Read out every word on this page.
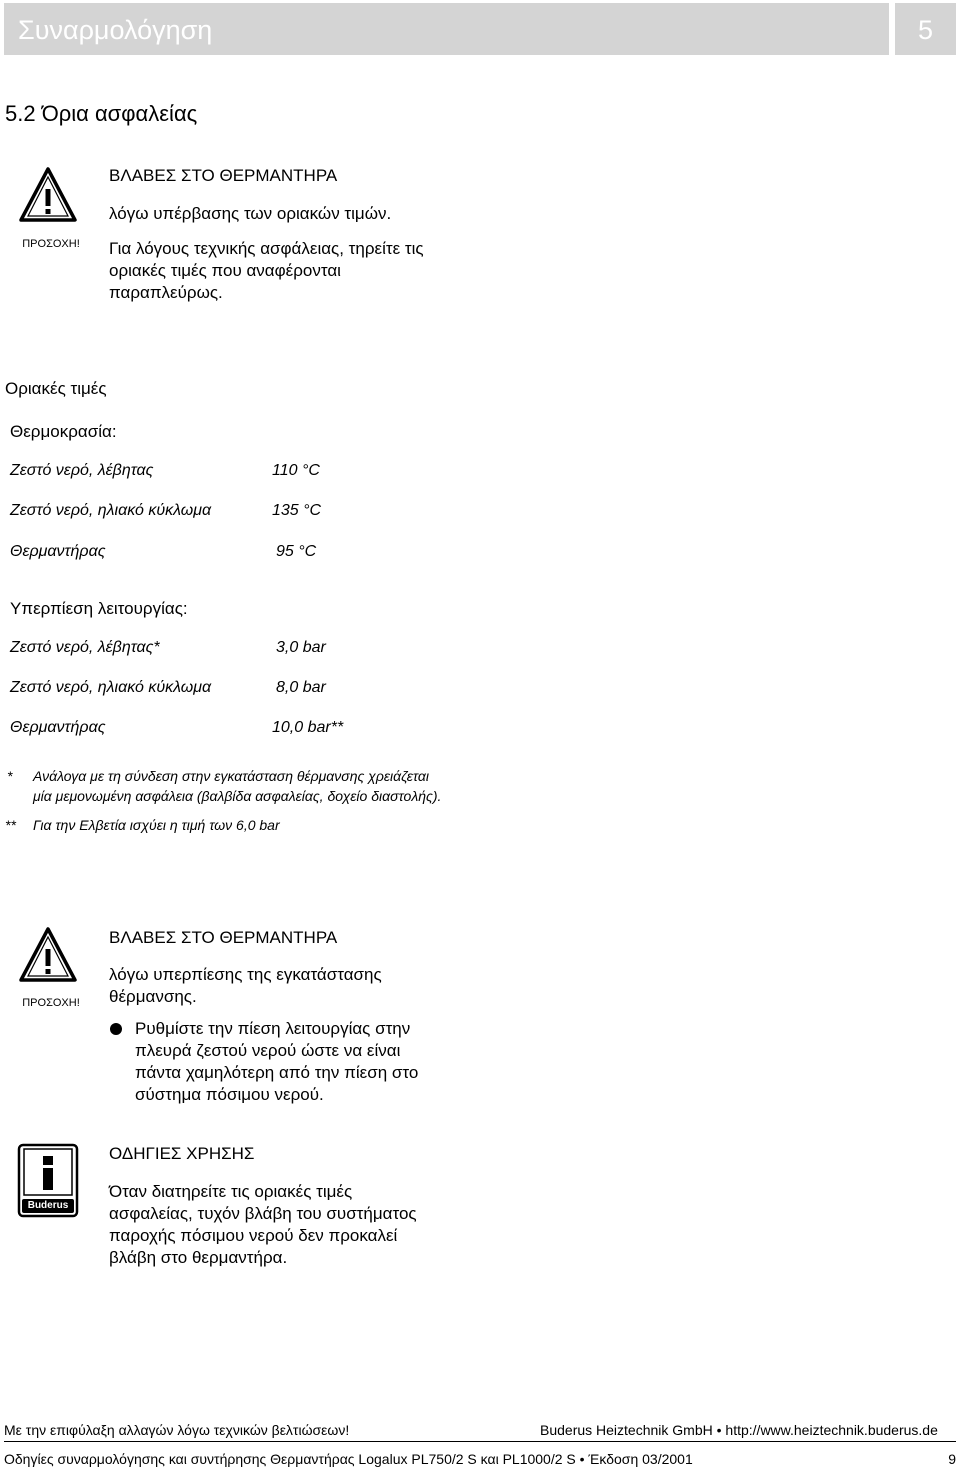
Συναρμολόγηση	5
5.2 Όρια ασφαλείας
ΠΡΟΣΟΧΗ!
ΒΛΑΒΕΣ ΣΤΟ ΘΕΡΜΑΝΤΗΡΑ
λόγω υπέρβασης των οριακών τιμών.
Για λόγους τεχνικής ασφάλειας, τηρείτε τις
οριακές τιμές που αναφέρονται
παραπλεύρως.
Οριακές τιμές
Θερμοκρασία:
Ζεστό νερό, λέβητας	110 °C
Ζεστό νερό, ηλιακό κύκλωμα	135 °C
Θερμαντήρας	95 °C
Υπερπίεση λειτουργίας:
Ζεστό νερό, λέβητας*	3,0 bar
Ζεστό νερό, ηλιακό κύκλωμα	8,0 bar
Θερμαντήρας	10,0 bar**
* Ανάλογα με τη σύνδεση στην εγκατάσταση θέρμανσης χρειάζεται
μία μεμονωμένη ασφάλεια (βαλβίδα ασφαλείας, δοχείο διαστολής).
** Για την Ελβετία ισχύει η τιμή των 6,0 bar
ΠΡΟΣΟΧΗ!
ΒΛΑΒΕΣ ΣΤΟ ΘΕΡΜΑΝΤΗΡΑ
λόγω υπερπίεσης της εγκατάστασης
θέρμανσης.
Ρυθμίστε την πίεση λειτουργίας στην
πλευρά ζεστού νερού ώστε να είναι
πάντα χαμηλότερη από την πίεση στο
σύστημα πόσιμου νερού.
Buderus
ΟΔΗΓΙΕΣ ΧΡΗΣΗΣ
Όταν διατηρείτε τις οριακές τιμές
ασφαλείας, τυχόν βλάβη του συστήματος
παροχής πόσιμου νερού δεν προκαλεί
βλάβη στο θερμαντήρα.
Με την επιφύλαξη αλλαγών λόγω τεχνικών βελτιώσεων!	Buderus Heiztechnik GmbH • http://www.heiztechnik.buderus.de
Οδηγίες συναρμολόγησης και συντήρησης Θερμαντήρας Logalux PL750/2 S και PL1000/2 S • Έκδοση 03/2001	9
